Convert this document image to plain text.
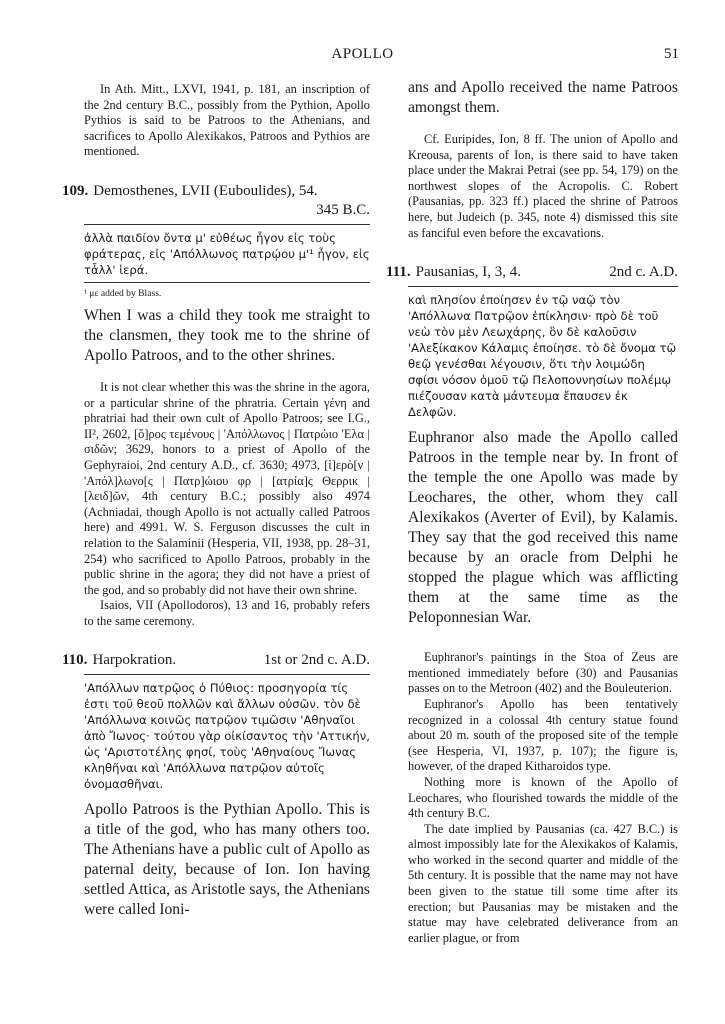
APOLLO	51

In Ath. Mitt., LXVI, 1941, p. 181, an inscription of the 2nd century B.C., possibly from the Pythion, Apollo Pythios is said to be Patroos to the Athenians, and sacrifices to Apollo Alexikakos, Patroos and Pythios are mentioned.

109. Demosthenes, LVII (Euboulides), 54.
345 B.C.

ἀλλὰ παιδίον ὄντα μ' εὐθέως ἦγον εἰς τοὺς φράτερας, εἰς 'Απόλλωνος πατρῴου μ'¹ ἦγον, εἰς τἆλλ' ἱερά.

¹ με added by Blass.

When I was a child they took me straight to the clansmen, they took me to the shrine of Apollo Patroos, and to the other shrines.

It is not clear whether this was the shrine in the agora, or a particular shrine of the phratria. Certain γένη and phratriai had their own cult of Apollo Patroos; see I.G., II², 2602, [ὅ]ρος τεμένους | 'Απόλλωνος | Πατρώιο 'Ελα | σιδῶν; 3629, honors to a priest of Apollo of the Gephyraioi, 2nd century A.D., cf. 3630; 4973, [ἱ]ερὸ[ν | 'Απόλ]λωνο[ς | Πατρ]ώιου φρ | [ατρία]ς Θερρικ | [λειδ]ῶν, 4th century B.C.; possibly also 4974 (Achniadai, though Apollo is not actually called Patroos here) and 4991. W. S. Ferguson discusses the cult in relation to the Salaminii (Hesperia, VII, 1938, pp. 28–31, 254) who sacrificed to Apollo Patroos, probably in the public shrine in the agora; they did not have a priest of the god, and so probably did not have their own shrine.

Isaios, VII (Apollodoros), 13 and 16, probably refers to the same ceremony.

110. Harpokration.	1st or 2nd c. A.D.

'Απόλλων πατρῷος ὁ Πύθιος: προσηγορία τίς ἐστι τοῦ θεοῦ πολλῶν καὶ ἄλλων οὐσῶν. τὸν δὲ 'Απόλλωνα κοινῶς πατρῷον τιμῶσιν 'Αθηναῖοι ἀπὸ Ἴωνος· τούτου γὰρ οἰκίσαντος τὴν 'Αττικήν, ὡς 'Αριστοτέλης φησί, τοὺς 'Αθηναίους Ἴωνας κληθῆναι καὶ 'Απόλλωνα πατρῷον αὐτοῖς ὀνομασθῆναι.

Apollo Patroos is the Pythian Apollo. This is a title of the god, who has many others too. The Athenians have a public cult of Apollo as paternal deity, because of Ion. Ion having settled Attica, as Aristotle says, the Athenians were called Ioni-

ans and Apollo received the name Patroos amongst them.

Cf. Euripides, Ion, 8 ff. The union of Apollo and Kreousa, parents of Ion, is there said to have taken place under the Makrai Petrai (see pp. 54, 179) on the northwest slopes of the Acropolis. C. Robert (Pausanias, pp. 323 ff.) placed the shrine of Patroos here, but Judeich (p. 345, note 4) dismissed this site as fanciful even before the excavations.

111. Pausanias, I, 3, 4.	2nd c. A.D.

καὶ πλησίον ἐποίησεν ἐν τῷ ναῷ τὸν 'Απόλλωνα Πατρῷον ἐπίκλησιν· πρὸ δὲ τοῦ νεὼ τὸν μὲν Λεωχάρης, ὃν δὲ καλοῦσιν 'Αλεξίκακον Κάλαμις ἐποίησε. τὸ δὲ ὄνομα τῷ θεῷ γενέσθαι λέγουσιν, ὅτι τὴν λοιμώδη σφίσι νόσον ὁμοῦ τῷ Πελοποννησίων πολέμῳ πιέζουσαν κατὰ μάντευμα ἔπαυσεν ἐκ Δελφῶν.

Euphranor also made the Apollo called Patroos in the temple near by. In front of the temple the one Apollo was made by Leochares, the other, whom they call Alexikakos (Averter of Evil), by Kalamis. They say that the god received this name because by an oracle from Delphi he stopped the plague which was afflicting them at the same time as the Peloponnesian War.

Euphranor's paintings in the Stoa of Zeus are mentioned immediately before (30) and Pausanias passes on to the Metroon (402) and the Bouleuterion.

Euphranor's Apollo has been tentatively recognized in a colossal 4th century statue found about 20 m. south of the proposed site of the temple (see Hesperia, VI, 1937, p. 107); the figure is, however, of the draped Kitharoidos type.

Nothing more is known of the Apollo of Leochares, who flourished towards the middle of the 4th century B.C.

The date implied by Pausanias (ca. 427 B.C.) is almost impossibly late for the Alexikakos of Kalamis, who worked in the second quarter and middle of the 5th century. It is possible that the name may not have been given to the statue till some time after its erection; but Pausanias may be mistaken and the statue may have celebrated deliverance from an earlier plague, or from
